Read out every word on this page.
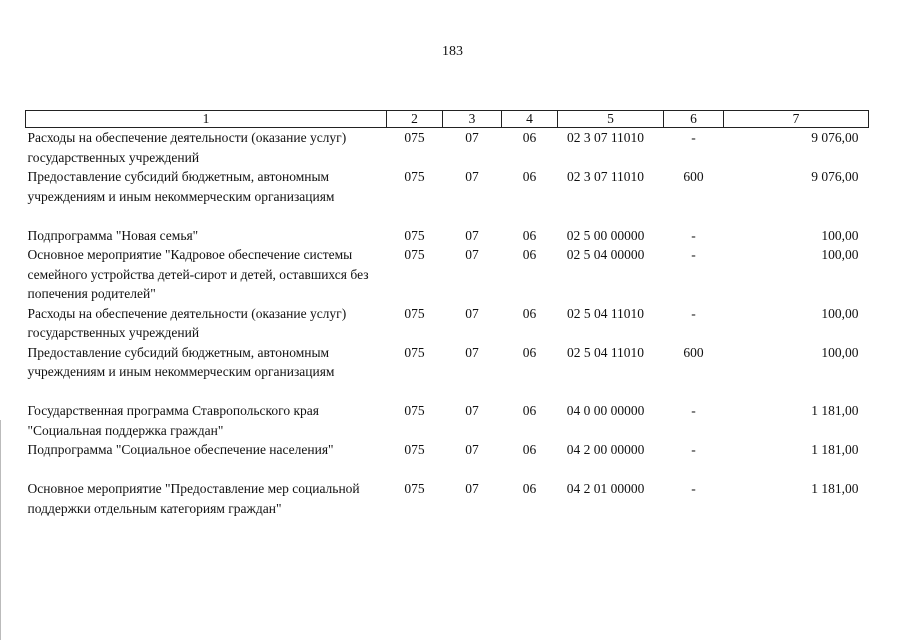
183
1	2	3	4	5	6	7
Расходы на обеспечение деятельности (оказание услуг) государственных учреждений	075	07	06	02 3 07 11010	-	9 076,00
Предоставление субсидий бюджетным, автономным учреждениям и иным некоммерческим организациям	075	07	06	02 3 07 11010	600	9 076,00

Подпрограмма "Новая семья"	075	07	06	02 5 00 00000	-	100,00
Основное мероприятие "Кадровое обеспечение системы семейного устройства детей-сирот и детей, оставшихся без попечения родителей"	075	07	06	02 5 04 00000	-	100,00
Расходы на обеспечение деятельности (оказание услуг) государственных учреждений	075	07	06	02 5 04 11010	-	100,00
Предоставление субсидий бюджетным, автономным учреждениям и иным некоммерческим организациям	075	07	06	02 5 04 11010	600	100,00

Государственная программа Ставропольского края "Социальная поддержка граждан"	075	07	06	04 0 00 00000	-	1 181,00
Подпрограмма "Социальное обеспечение населения"	075	07	06	04 2 00 00000	-	1 181,00

Основное мероприятие "Предоставление мер социальной поддержки отдельным категориям граждан"	075	07	06	04 2 01 00000	-	1 181,00
